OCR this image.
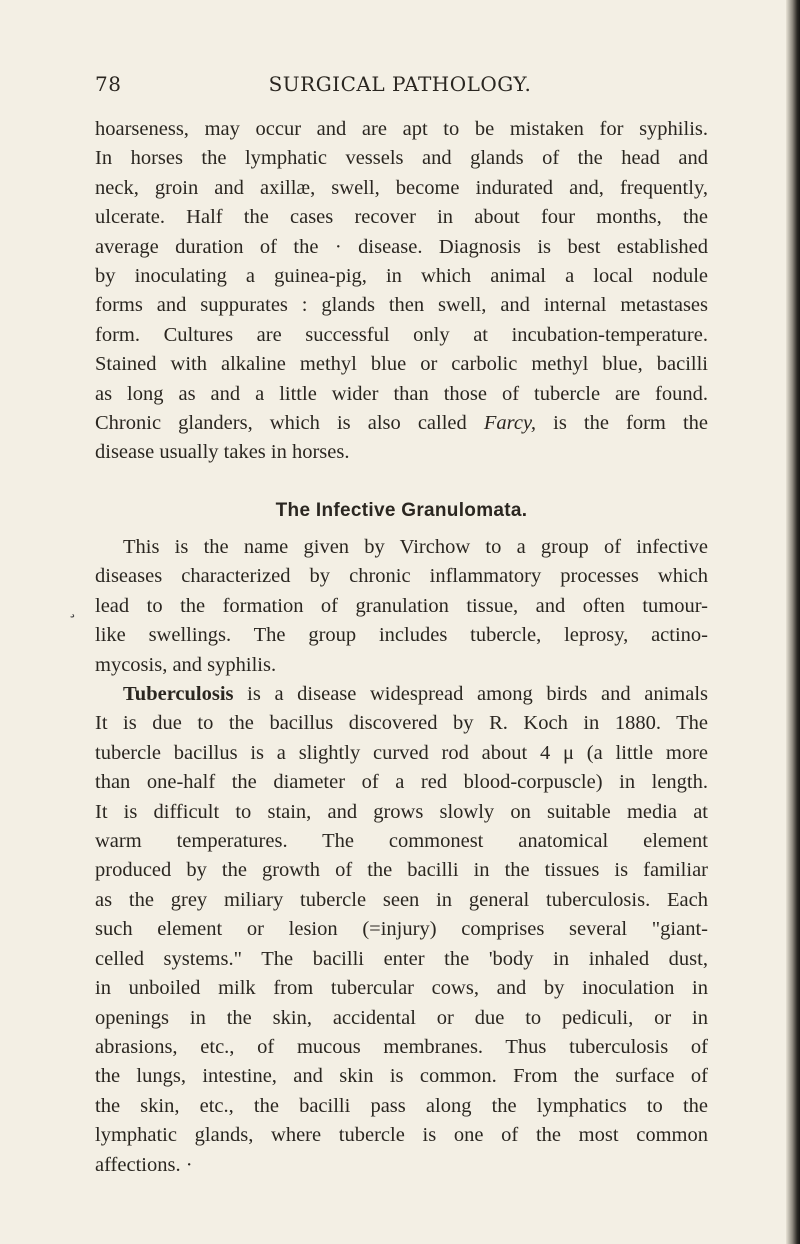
78	SURGICAL PATHOLOGY.
¸
hoarseness, may occur and are apt to be mistaken for syphilis.
In horses the lymphatic vessels and glands of the head and
neck, groin and axillæ, swell, become indurated and, frequently,
ulcerate. Half the cases recover in about four months, the
average duration of the · disease. Diagnosis is best established
by inoculating a guinea-pig, in which animal a local nodule
forms and suppurates : glands then swell, and internal metastases
form. Cultures are successful only at incubation-temperature.
Stained with alkaline methyl blue or carbolic methyl blue, bacilli
as long as and a little wider than those of tubercle are found.
Chronic glanders, which is also called Farcy, is the form the
disease usually takes in horses.
The Infective Granulomata.
This is the name given by Virchow to a group of infective
diseases characterized by chronic inflammatory processes which
lead to the formation of granulation tissue, and often tumour-
like swellings. The group includes tubercle, leprosy, actino-
mycosis, and syphilis.
Tuberculosis is a disease widespread among birds and animals
It is due to the bacillus discovered by R. Koch in 1880. The
tubercle bacillus is a slightly curved rod about 4 μ (a little more
than one-half the diameter of a red blood-corpuscle) in length.
It is difficult to stain, and grows slowly on suitable media at
warm temperatures. The commonest anatomical element
produced by the growth of the bacilli in the tissues is familiar
as the grey miliary tubercle seen in general tuberculosis. Each
such element or lesion (=injury) comprises several "giant-
celled systems." The bacilli enter the 'body in inhaled dust,
in unboiled milk from tubercular cows, and by inoculation in
openings in the skin, accidental or due to pediculi, or in
abrasions, etc., of mucous membranes. Thus tuberculosis of
the lungs, intestine, and skin is common. From the surface of
the skin, etc., the bacilli pass along the lymphatics to the
lymphatic glands, where tubercle is one of the most common
affections. ·
